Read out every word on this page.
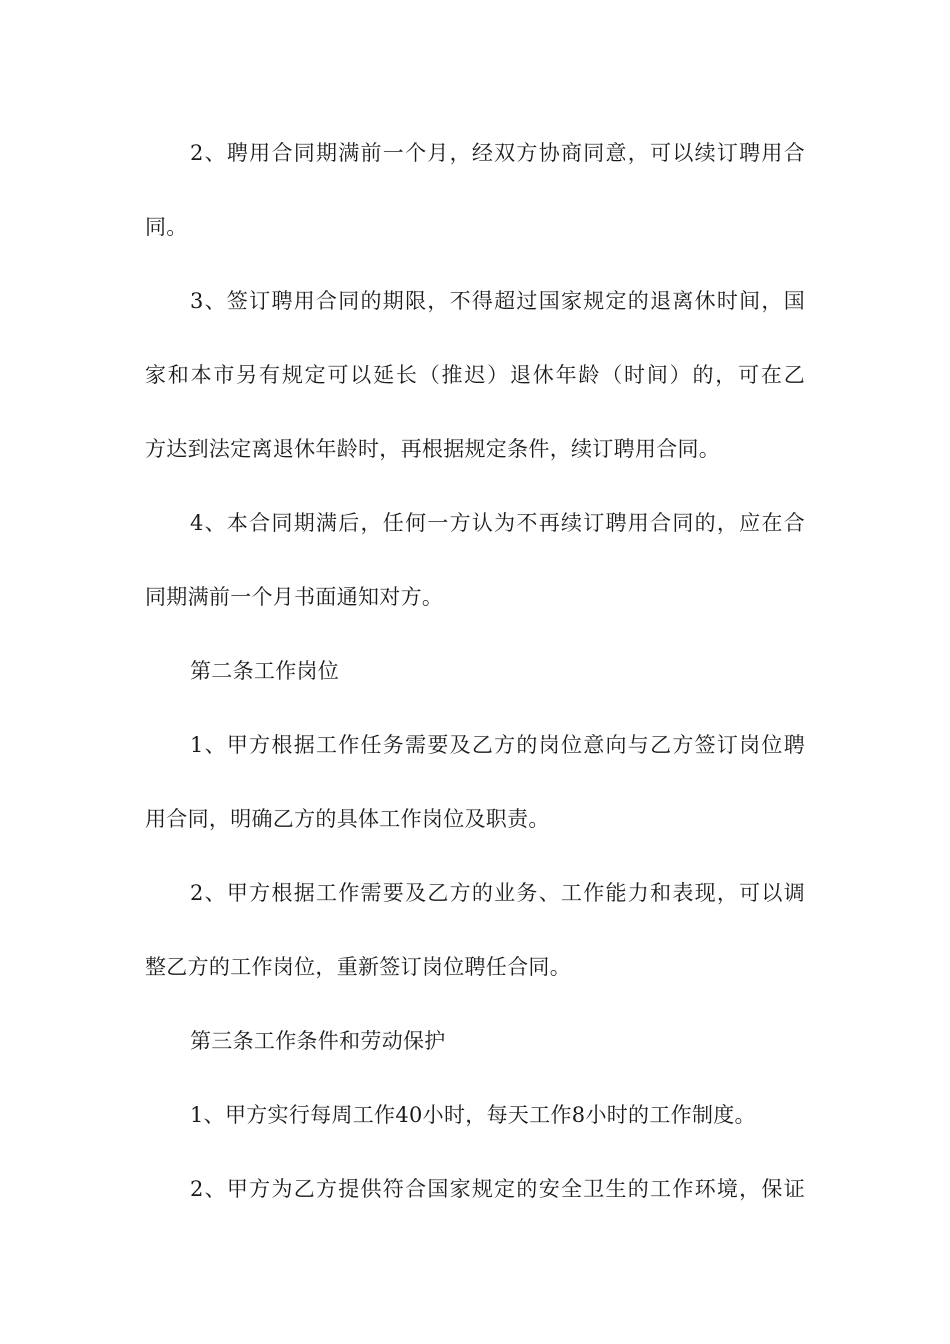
2、聘用合同期满前一个月，经双方协商同意，可以续订聘用合
同。
3、签订聘用合同的期限，不得超过国家规定的退离休时间，国
家和本市另有规定可以延长（推迟）退休年龄（时间）的，可在乙
方达到法定离退休年龄时，再根据规定条件，续订聘用合同。
4、本合同期满后，任何一方认为不再续订聘用合同的，应在合
同期满前一个月书面通知对方。
第二条工作岗位
1、甲方根据工作任务需要及乙方的岗位意向与乙方签订岗位聘
用合同，明确乙方的具体工作岗位及职责。
2、甲方根据工作需要及乙方的业务、工作能力和表现，可以调
整乙方的工作岗位，重新签订岗位聘任合同。
第三条工作条件和劳动保护
1、甲方实行每周工作40小时，每天工作8小时的工作制度。
2、甲方为乙方提供符合国家规定的安全卫生的工作环境，保证
